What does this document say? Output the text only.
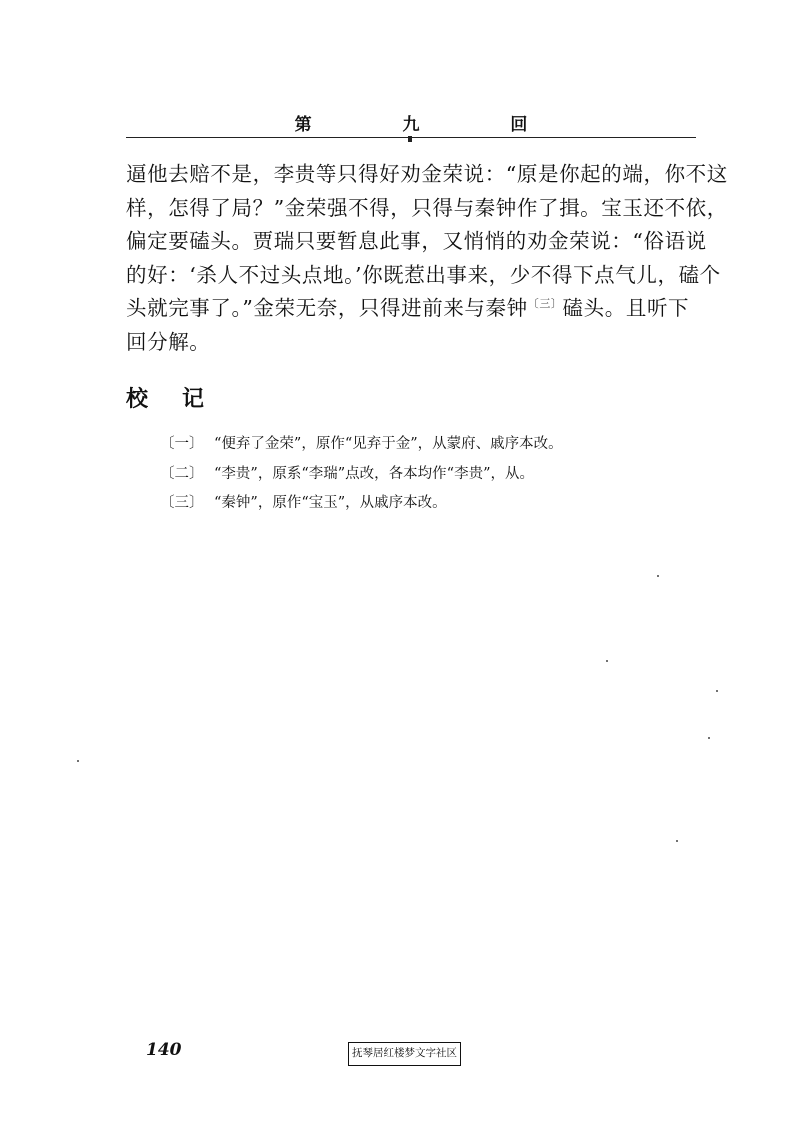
第	九	回
逼他去赔不是，李贵等只得好劝金荣说：“原是你起的端，你不这
样，怎得了局？”金荣强不得，只得与秦钟作了揖。宝玉还不依，
偏定要磕头。贾瑞只要暂息此事，又悄悄的劝金荣说：“俗语说
的好：‘杀人不过头点地。’你既惹出事来，少不得下点气儿，磕个
头就完事了。”金荣无奈，只得进前来与秦钟$^{〔三〕}$磕头。且听下
回分解。
校 记
〔一〕 “便弃了金荣”，原作“见弃于金”，从蒙府、戚序本改。
〔二〕 “李贵”，原系“李瑞”点改，各本均作“李贵”，从。
〔三〕 “秦钟”，原作“宝玉”，从戚序本改。
140	抚琴居红楼梦文字社区
